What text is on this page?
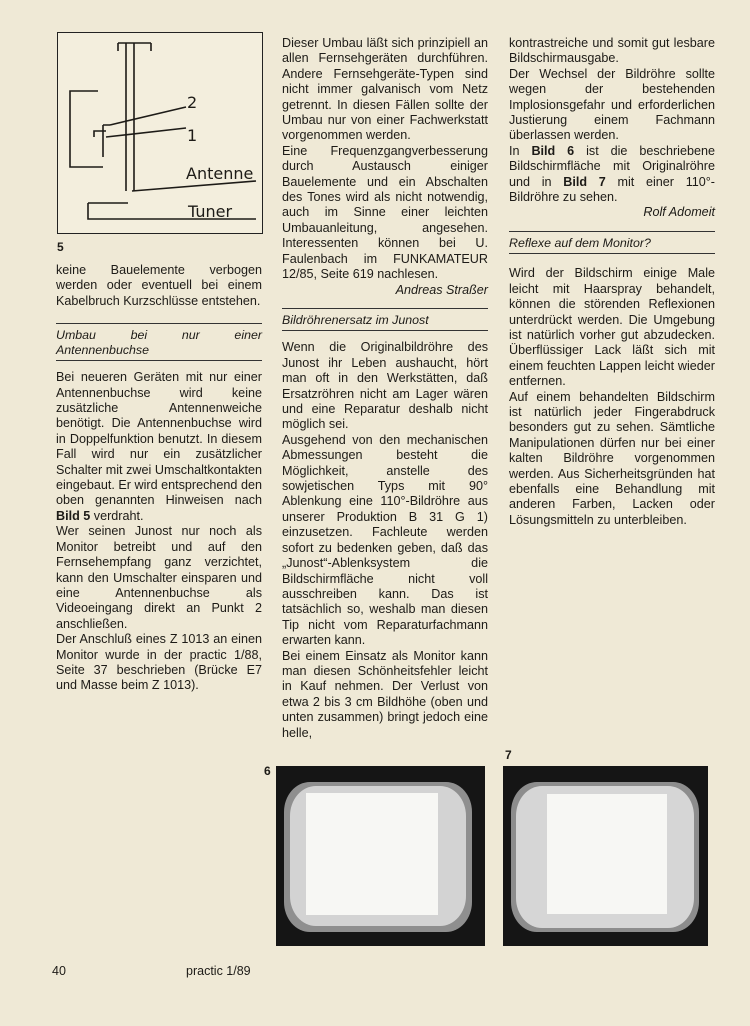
2
1
Antenne
Tuner
5

keine Bauelemente verbogen werden oder eventuell bei einem Kabelbruch Kurzschlüsse entstehen.

Umbau bei nur einer Antennenbuchse

Bei neueren Geräten mit nur einer Antennenbuchse wird keine zusätzliche Antennenweiche benötigt. Die Antennenbuchse wird in Doppelfunktion benutzt. In diesem Fall wird nur ein zusätzlicher Schalter mit zwei Umschaltkontakten eingebaut. Er wird entsprechend den oben genannten Hinweisen nach Bild 5 verdraht.

Wer seinen Junost nur noch als Monitor betreibt und auf den Fernsehempfang ganz verzichtet, kann den Umschalter einsparen und eine Antennenbuchse als Videoeingang direkt an Punkt 2 anschließen.

Der Anschluß eines Z 1013 an einen Monitor wurde in der practic 1/88, Seite 37 beschrieben (Brücke E7 und Masse beim Z 1013).

Dieser Umbau läßt sich prinzipiell an allen Fernsehgeräten durchführen. Andere Fernsehgeräte-Typen sind nicht immer galvanisch vom Netz getrennt. In diesen Fällen sollte der Umbau nur von einer Fachwerkstatt vorgenommen werden.

Eine Frequenzgangverbesserung durch Austausch einiger Bauelemente und ein Abschalten des Tones wird als nicht notwendig, auch im Sinne einer leichten Umbauanleitung, angesehen. Interessenten können bei U. Faulenbach im FUNKAMATEUR 12/85, Seite 619 nachlesen.

Andreas Straßer

Bildröhrenersatz im Junost

Wenn die Originalbildröhre des Junost ihr Leben aushaucht, hört man oft in den Werkstätten, daß Ersatzröhren nicht am Lager wären und eine Reparatur deshalb nicht möglich sei.

Ausgehend von den mechanischen Abmessungen besteht die Möglichkeit, anstelle des sowjetischen Typs mit 90° Ablenkung eine 110°-Bildröhre aus unserer Produktion B 31 G 1) einzusetzen. Fachleute werden sofort zu bedenken geben, daß das „Junost“-Ablenksystem die Bildschirmfläche nicht voll ausschreiben kann. Das ist tatsächlich so, weshalb man diesen Tip nicht vom Reparaturfachmann erwarten kann.

Bei einem Einsatz als Monitor kann man diesen Schönheitsfehler leicht in Kauf nehmen. Der Verlust von etwa 2 bis 3 cm Bildhöhe (oben und unten zusammen) bringt jedoch eine helle,

kontrastreiche und somit gut lesbare Bildschirmausgabe.

Der Wechsel der Bildröhre sollte wegen der bestehenden Implosionsgefahr und erforderlichen Justierung einem Fachmann überlassen werden.

In Bild 6 ist die beschriebene Bildschirmfläche mit Originalröhre und in Bild 7 mit einer 110°-Bildröhre zu sehen.

Rolf Adomeit

Reflexe auf dem Monitor?

Wird der Bildschirm einige Male leicht mit Haarspray behandelt, können die störenden Reflexionen unterdrückt werden. Die Umgebung ist natürlich vorher gut abzudecken. Überflüssiger Lack läßt sich mit einem feuchten Lappen leicht wieder entfernen.

Auf einem behandelten Bildschirm ist natürlich jeder Fingerabdruck besonders gut zu sehen. Sämtliche Manipulationen dürfen nur bei einer kalten Bildröhre vorgenommen werden. Aus Sicherheitsgründen hat ebenfalls eine Behandlung mit anderen Farben, Lacken oder Lösungsmitteln zu unterbleiben.

6
7
40	practic 1/89
